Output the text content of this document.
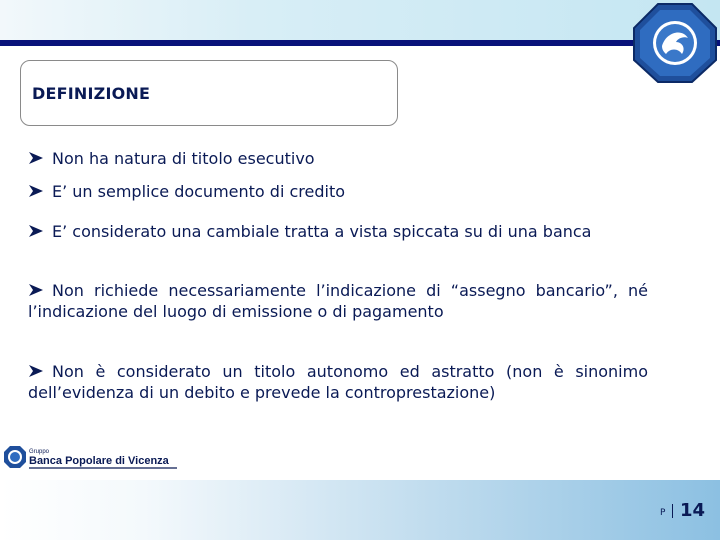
DEFINIZIONE
Non ha natura di titolo esecutivo
E’ un semplice documento di credito
E’ considerato una cambiale tratta a vista spiccata su di una banca
Non richiede necessariamente l’indicazione di “assegno bancario”, né l’indicazione del luogo di emissione o di pagamento
Non è considerato un titolo autonomo ed astratto (non è sinonimo dell’evidenza di un debito e prevede la controprestazione)
Gruppo
Banca Popolare di Vicenza
P 14
